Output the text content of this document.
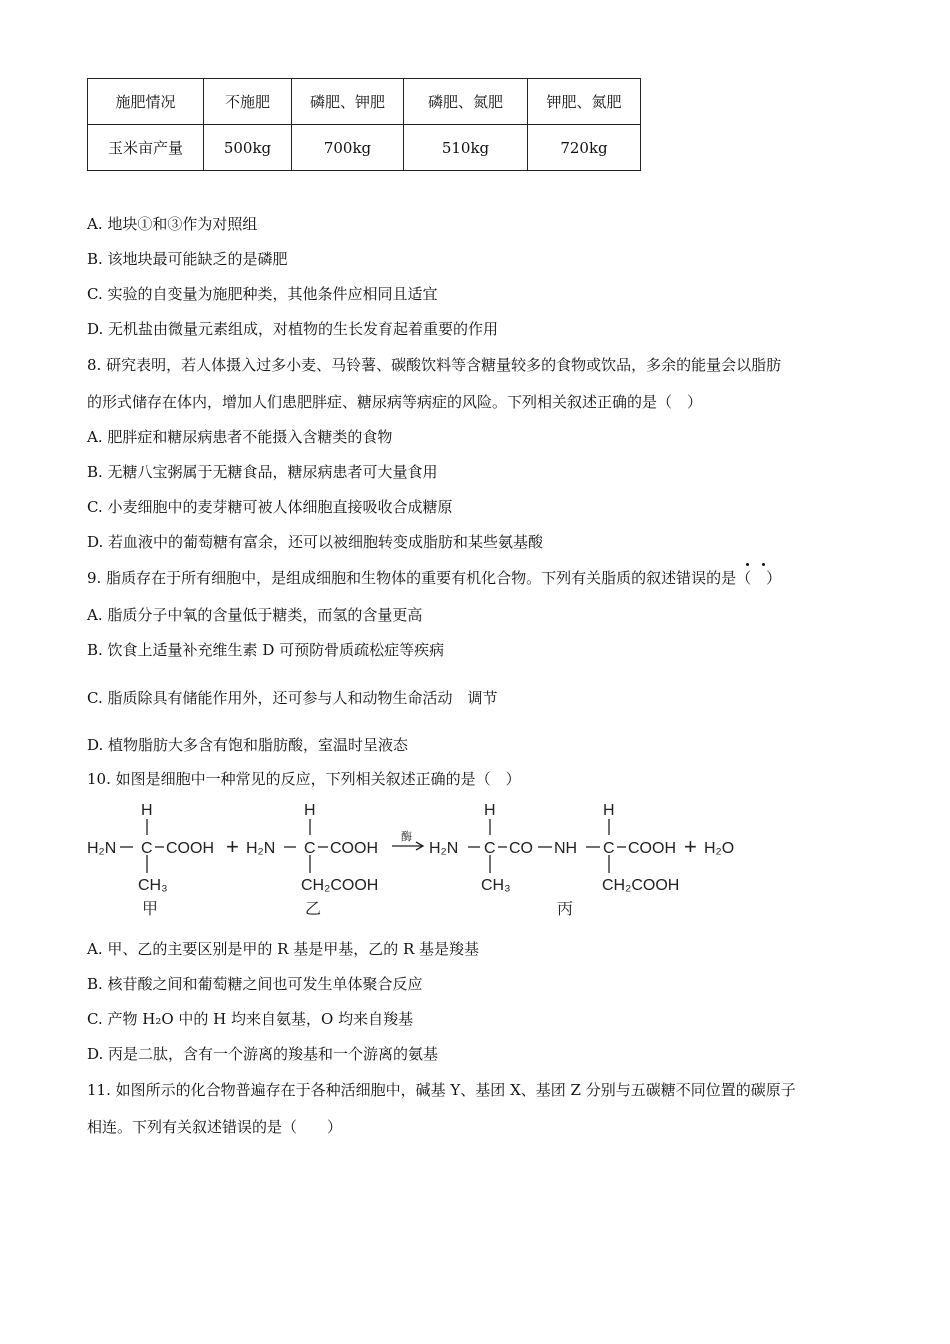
施肥情况	不施肥	磷肥、钾肥	磷肥、氮肥	钾肥、氮肥
玉米亩产量	500kg	700kg	510kg	720kg
A. 地块①和③作为对照组
B. 该地块最可能缺乏的是磷肥
C. 实验的自变量为施肥种类，其他条件应相同且适宜
D. 无机盐由微量元素组成，对植物的生长发育起着重要的作用
8. 研究表明，若人体摄入过多小麦、马铃薯、碳酸饮料等含糖量较多的食物或饮品，多余的能量会以脂肪
的形式储存在体内，增加人们患肥胖症、糖尿病等病症的风险。下列相关叙述正确的是（　）
A. 肥胖症和糖尿病患者不能摄入含糖类的食物
B. 无糖八宝粥属于无糖食品，糖尿病患者可大量食用
C. 小麦细胞中的麦芽糖可被人体细胞直接吸收合成糖原
D. 若血液中的葡萄糖有富余，还可以被细胞转变成脂肪和某些氨基酸
9. 脂质存在于所有细胞中，是组成细胞和生物体的重要有机化合物。下列有关脂质的叙述错误的是（　）
A. 脂质分子中氧的含量低于糖类，而氢的含量更高
B. 饮食上适量补充维生素 D 可预防骨质疏松症等疾病
C. 脂质除具有储能作用外，还可参与人和动物生命活动　调节
D. 植物脂肪大多含有饱和脂肪酸，室温时呈液态
10. 如图是细胞中一种常见的反应，下列相关叙述正确的是（　）
H
H₂N C COOH
CH₃
+
H
H₂N C COOH
CH₂COOH
酶
H
H₂N C CO NH
CH₃
H
C COOH
CH₂COOH
+ H₂O
甲	乙	丙
A. 甲、乙的主要区别是甲的 R 基是甲基，乙的 R 基是羧基
B. 核苷酸之间和葡萄糖之间也可发生单体聚合反应
C. 产物 H₂O 中的 H 均来自氨基，O 均来自羧基
D. 丙是二肽，含有一个游离的羧基和一个游离的氨基
11. 如图所示的化合物普遍存在于各种活细胞中，碱基 Y、基团 X、基团 Z 分别与五碳糖不同位置的碳原子
相连。下列有关叙述错误的是（　　）
